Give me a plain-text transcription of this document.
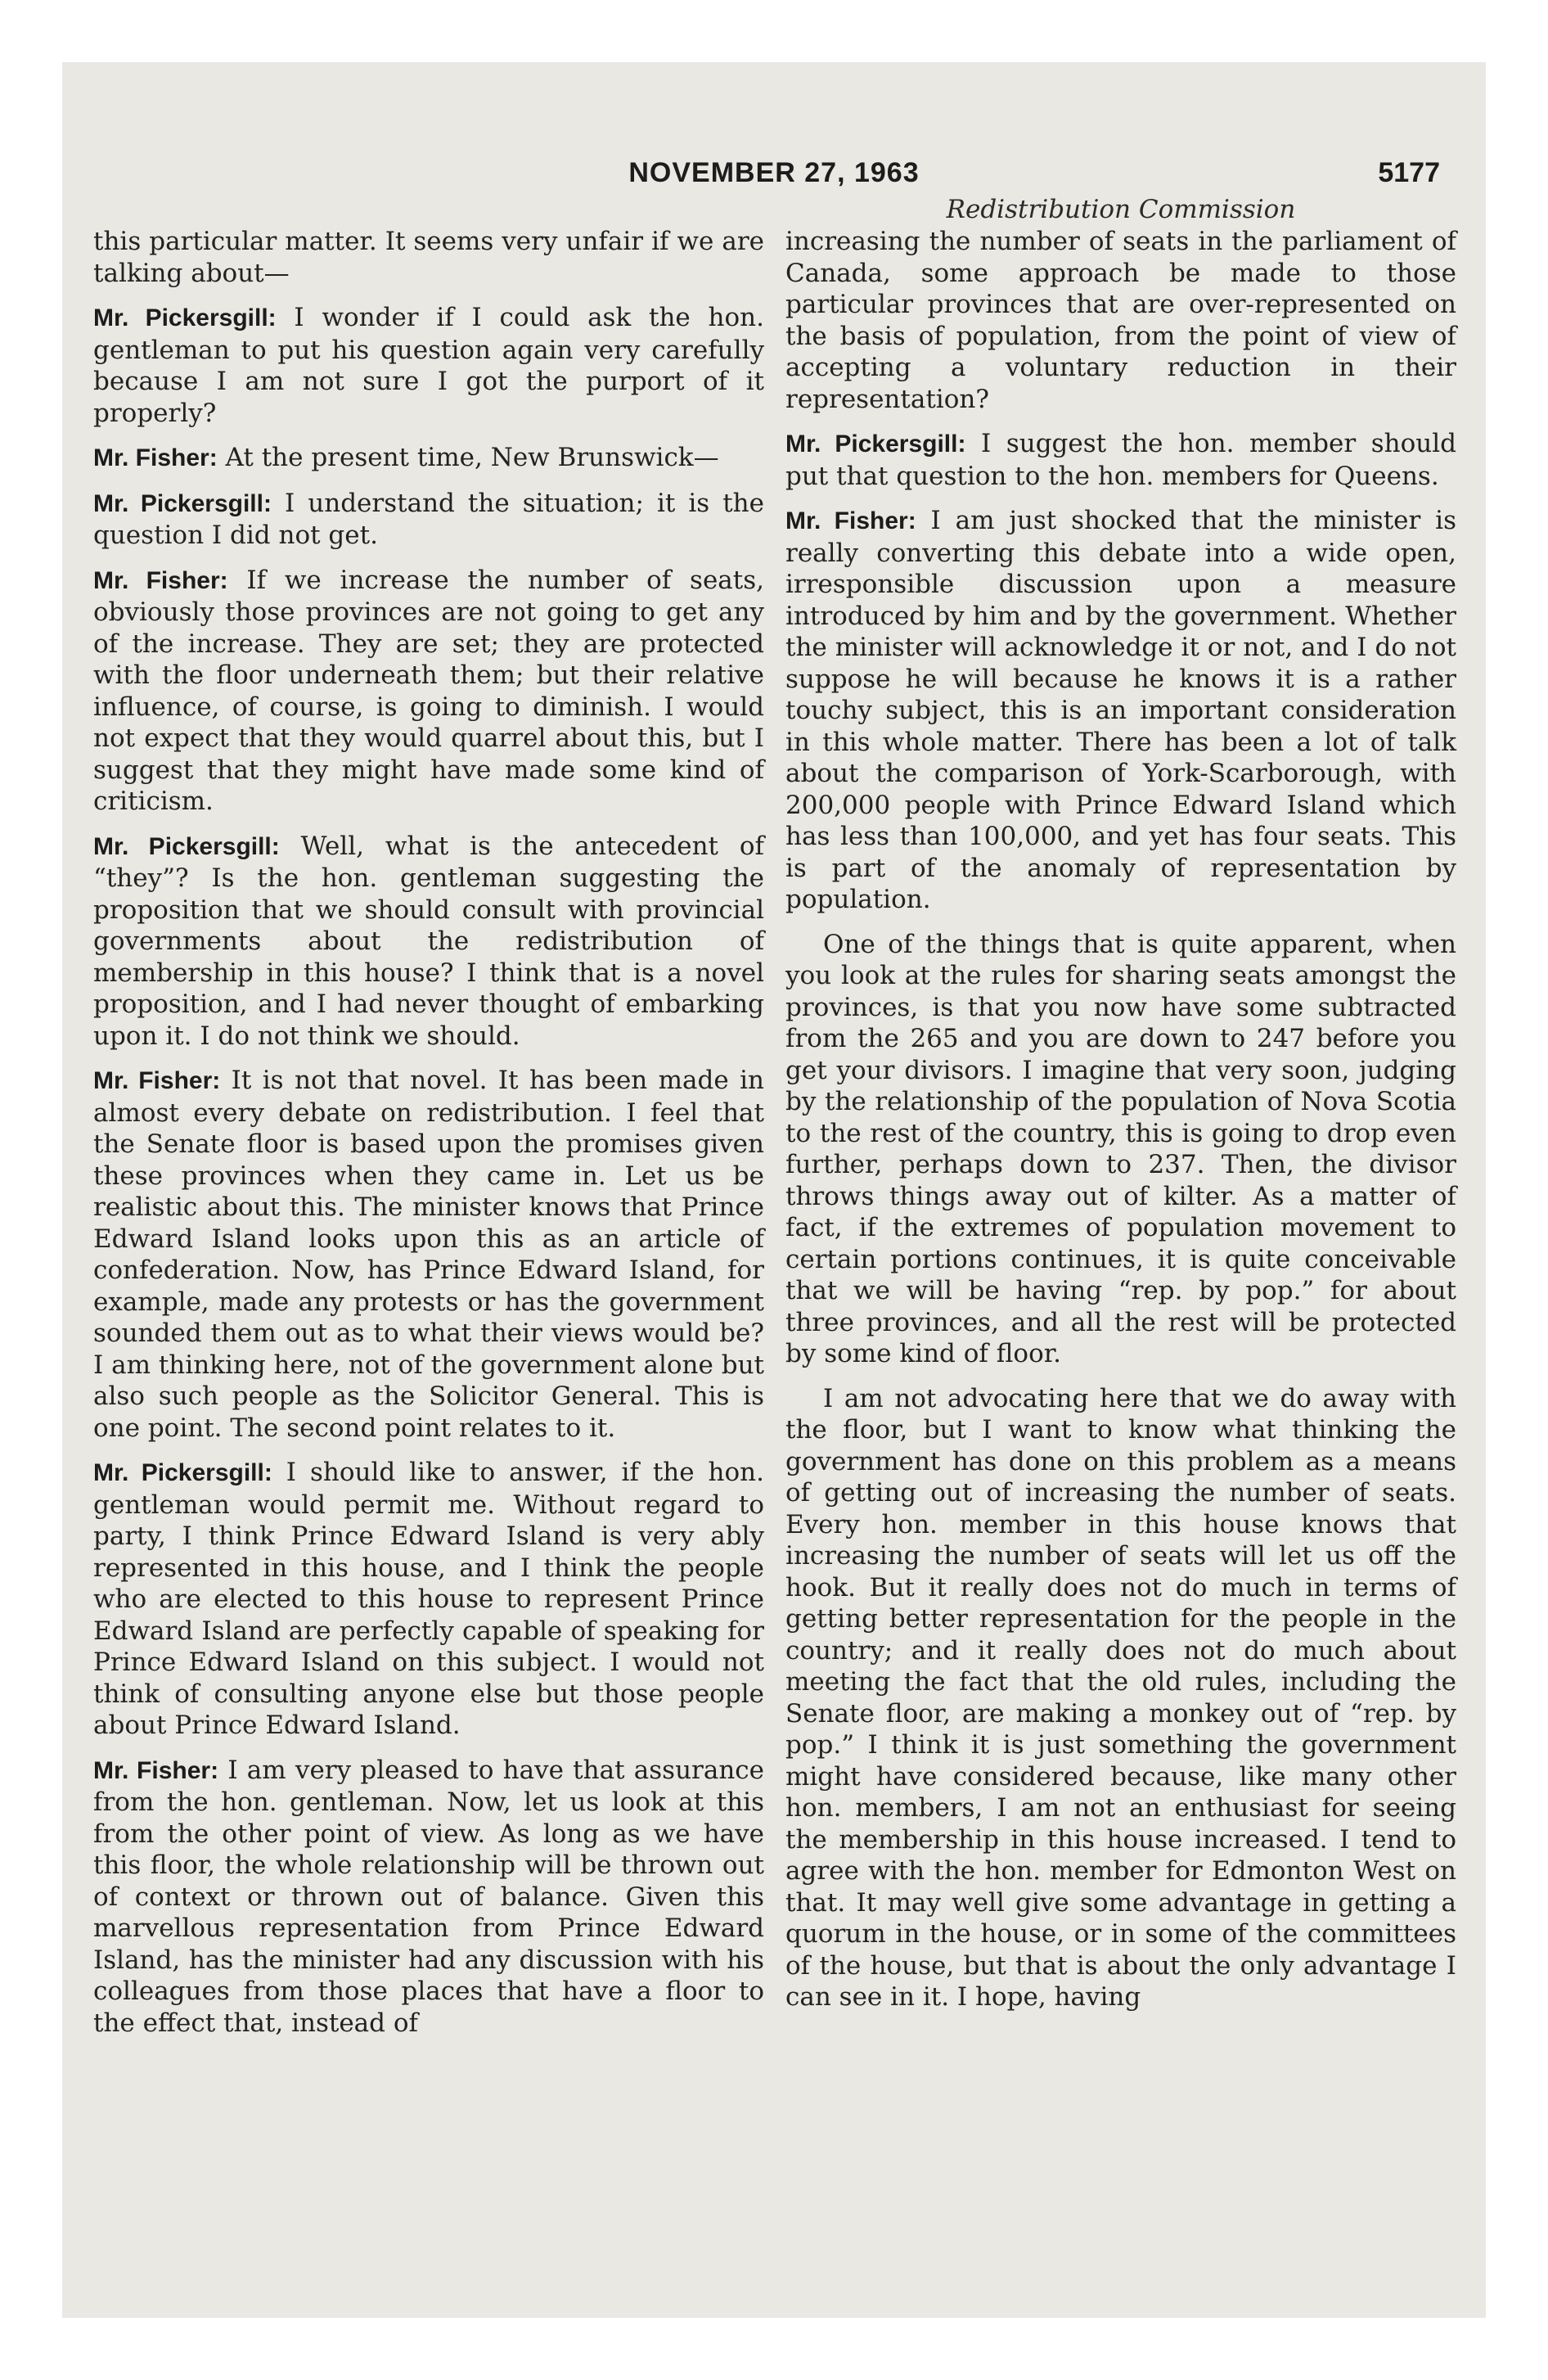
NOVEMBER 27, 1963	5177
Redistribution Commission

this particular matter. It seems very unfair if we are talking about—

Mr. Pickersgill: I wonder if I could ask the hon. gentleman to put his question again very carefully because I am not sure I got the purport of it properly?

Mr. Fisher: At the present time, New Brunswick—

Mr. Pickersgill: I understand the situation; it is the question I did not get.

Mr. Fisher: If we increase the number of seats, obviously those provinces are not going to get any of the increase. They are set; they are protected with the floor underneath them; but their relative influence, of course, is going to diminish. I would not expect that they would quarrel about this, but I suggest that they might have made some kind of criticism.

Mr. Pickersgill: Well, what is the antecedent of “they”? Is the hon. gentleman suggesting the proposition that we should consult with provincial governments about the redistribution of membership in this house? I think that is a novel proposition, and I had never thought of embarking upon it. I do not think we should.

Mr. Fisher: It is not that novel. It has been made in almost every debate on redistribution. I feel that the Senate floor is based upon the promises given these provinces when they came in. Let us be realistic about this. The minister knows that Prince Edward Island looks upon this as an article of confederation. Now, has Prince Edward Island, for example, made any protests or has the government sounded them out as to what their views would be? I am thinking here, not of the government alone but also such people as the Solicitor General. This is one point. The second point relates to it.

Mr. Pickersgill: I should like to answer, if the hon. gentleman would permit me. Without regard to party, I think Prince Edward Island is very ably represented in this house, and I think the people who are elected to this house to represent Prince Edward Island are perfectly capable of speaking for Prince Edward Island on this subject. I would not think of consulting anyone else but those people about Prince Edward Island.

Mr. Fisher: I am very pleased to have that assurance from the hon. gentleman. Now, let us look at this from the other point of view. As long as we have this floor, the whole relationship will be thrown out of context or thrown out of balance. Given this marvellous representation from Prince Edward Island, has the minister had any discussion with his colleagues from those places that have a floor to the effect that, instead of

increasing the number of seats in the parliament of Canada, some approach be made to those particular provinces that are over-represented on the basis of population, from the point of view of accepting a voluntary reduction in their representation?

Mr. Pickersgill: I suggest the hon. member should put that question to the hon. members for Queens.

Mr. Fisher: I am just shocked that the minister is really converting this debate into a wide open, irresponsible discussion upon a measure introduced by him and by the government. Whether the minister will acknowledge it or not, and I do not suppose he will because he knows it is a rather touchy subject, this is an important consideration in this whole matter. There has been a lot of talk about the comparison of York-Scarborough, with 200,000 people with Prince Edward Island which has less than 100,000, and yet has four seats. This is part of the anomaly of representation by population.

One of the things that is quite apparent, when you look at the rules for sharing seats amongst the provinces, is that you now have some subtracted from the 265 and you are down to 247 before you get your divisors. I imagine that very soon, judging by the relationship of the population of Nova Scotia to the rest of the country, this is going to drop even further, perhaps down to 237. Then, the divisor throws things away out of kilter. As a matter of fact, if the extremes of population movement to certain portions continues, it is quite conceivable that we will be having “rep. by pop.” for about three provinces, and all the rest will be protected by some kind of floor.

I am not advocating here that we do away with the floor, but I want to know what thinking the government has done on this problem as a means of getting out of increasing the number of seats. Every hon. member in this house knows that increasing the number of seats will let us off the hook. But it really does not do much in terms of getting better representation for the people in the country; and it really does not do much about meeting the fact that the old rules, including the Senate floor, are making a monkey out of “rep. by pop.” I think it is just something the government might have considered because, like many other hon. members, I am not an enthusiast for seeing the membership in this house increased. I tend to agree with the hon. member for Edmonton West on that. It may well give some advantage in getting a quorum in the house, or in some of the committees of the house, but that is about the only advantage I can see in it. I hope, having
